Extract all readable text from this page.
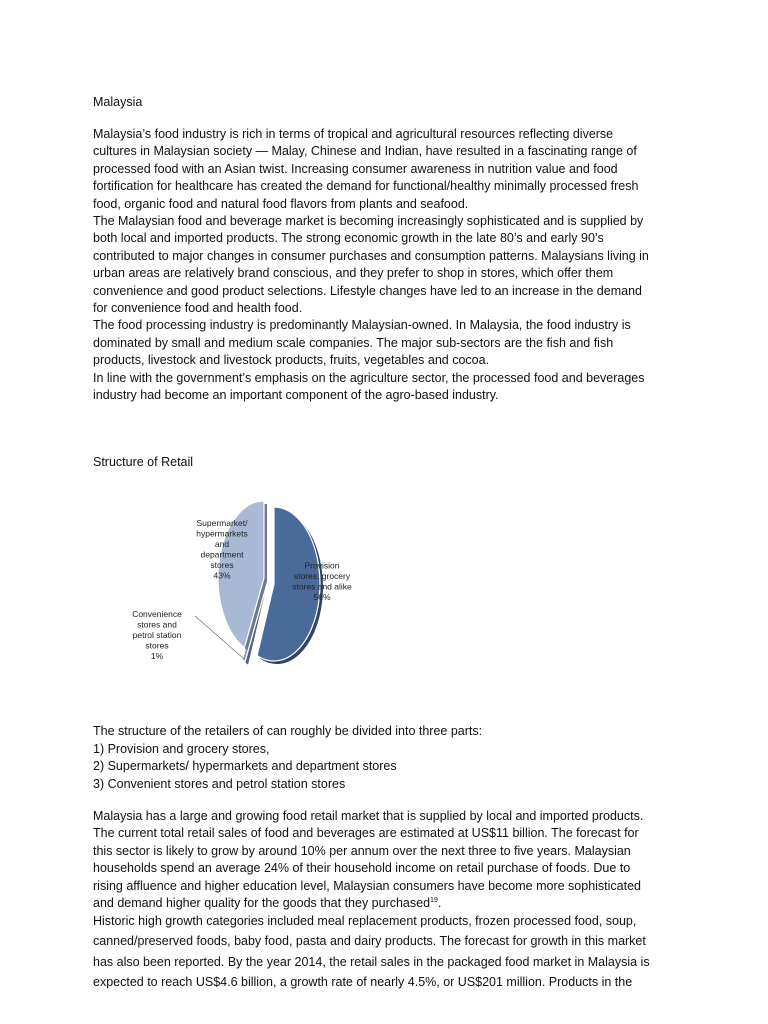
Malaysia
Malaysia’s food industry is rich in terms of tropical and agricultural resources reflecting diverse
cultures in Malaysian society — Malay, Chinese and Indian, have resulted in a fascinating range of
processed food with an Asian twist. Increasing consumer awareness in nutrition value and food
fortification for healthcare has created the demand for functional/healthy minimally processed fresh
food, organic food and natural food flavors from plants and seafood.
The Malaysian food and beverage market is becoming increasingly sophisticated and is supplied by
both local and imported products. The strong economic growth in the late 80’s and early 90’s
contributed to major changes in consumer purchases and consumption patterns. Malaysians living in
urban areas are relatively brand conscious, and they prefer to shop in stores, which offer them
convenience and good product selections. Lifestyle changes have led to an increase in the demand
for convenience food and health food.
The food processing industry is predominantly Malaysian-owned. In Malaysia, the food industry is
dominated by small and medium scale companies. The major sub-sectors are the fish and fish
products, livestock and livestock products, fruits, vegetables and cocoa.
In line with the government’s emphasis on the agriculture sector, the processed food and beverages
industry had become an important component of the agro-based industry.
Structure of Retail
Provision stores, grocery stores and alike 56%
Convenience stores and petrol station stores 1%
Supermarket/ hypermarkets and department stores 43%
The structure of the retailers of can roughly be divided into three parts:
1) Provision and grocery stores,
2) Supermarkets/ hypermarkets and department stores
3) Convenient stores and petrol station stores
Malaysia has a large and growing food retail market that is supplied by local and imported products.
The current total retail sales of food and beverages are estimated at US$11 billion. The forecast for
this sector is likely to grow by around 10% per annum over the next three to five years. Malaysian
households spend an average 24% of their household income on retail purchase of foods. Due to
rising affluence and higher education level, Malaysian consumers have become more sophisticated
and demand higher quality for the goods that they purchased$^{19}$.
Historic high growth categories included meal replacement products, frozen processed food, soup,
canned/preserved foods, baby food, pasta and dairy products. The forecast for growth in this market
has also been reported. By the year 2014, the retail sales in the packaged food market in Malaysia is
expected to reach US$4.6 billion, a growth rate of nearly 4.5%, or US$201 million. Products in the
